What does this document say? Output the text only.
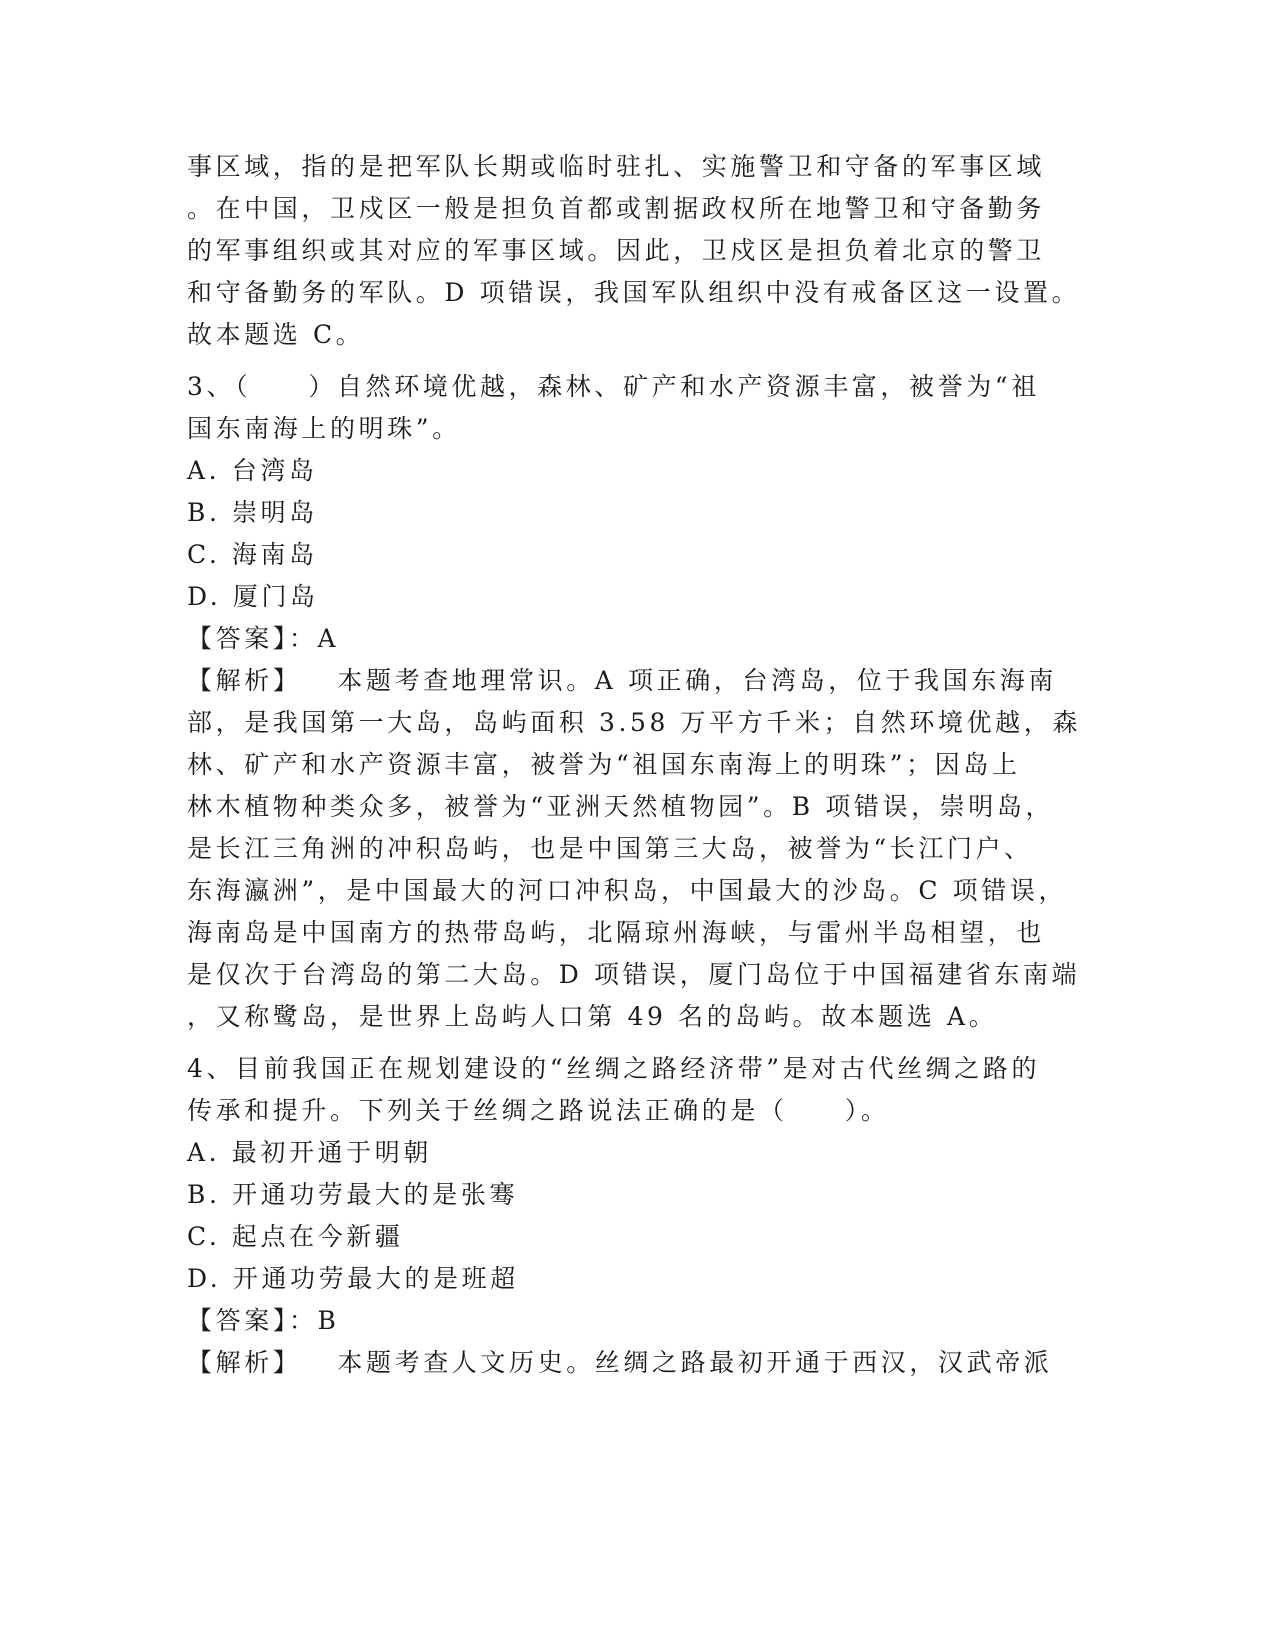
事区域，指的是把军队长期或临时驻扎、实施警卫和守备的军事区域
。在中国，卫戍区一般是担负首都或割据政权所在地警卫和守备勤务
的军事组织或其对应的军事区域。因此，卫戍区是担负着北京的警卫
和守备勤务的军队。D 项错误，我国军队组织中没有戒备区这一设置。
故本题选 C。
3、（　　）自然环境优越，森林、矿产和水产资源丰富，被誉为“祖
国东南海上的明珠”。
A. 台湾岛
B. 崇明岛
C. 海南岛
D. 厦门岛
【答案】：A
【解析】 本题考查地理常识。A 项正确，台湾岛，位于我国东海南
部，是我国第一大岛，岛屿面积 3.58 万平方千米；自然环境优越，森
林、矿产和水产资源丰富，被誉为“祖国东南海上的明珠”；因岛上
林木植物种类众多，被誉为“亚洲天然植物园”。B 项错误，崇明岛，
是长江三角洲的冲积岛屿，也是中国第三大岛，被誉为“长江门户、
东海瀛洲”，是中国最大的河口冲积岛，中国最大的沙岛。C 项错误，
海南岛是中国南方的热带岛屿，北隔琼州海峡，与雷州半岛相望，也
是仅次于台湾岛的第二大岛。D 项错误，厦门岛位于中国福建省东南端
，又称鹭岛，是世界上岛屿人口第 49 名的岛屿。故本题选 A。
4、目前我国正在规划建设的“丝绸之路经济带”是对古代丝绸之路的
传承和提升。下列关于丝绸之路说法正确的是（　　）。
A. 最初开通于明朝
B. 开通功劳最大的是张骞
C. 起点在今新疆
D. 开通功劳最大的是班超
【答案】：B
【解析】 本题考查人文历史。丝绸之路最初开通于西汉，汉武帝派
